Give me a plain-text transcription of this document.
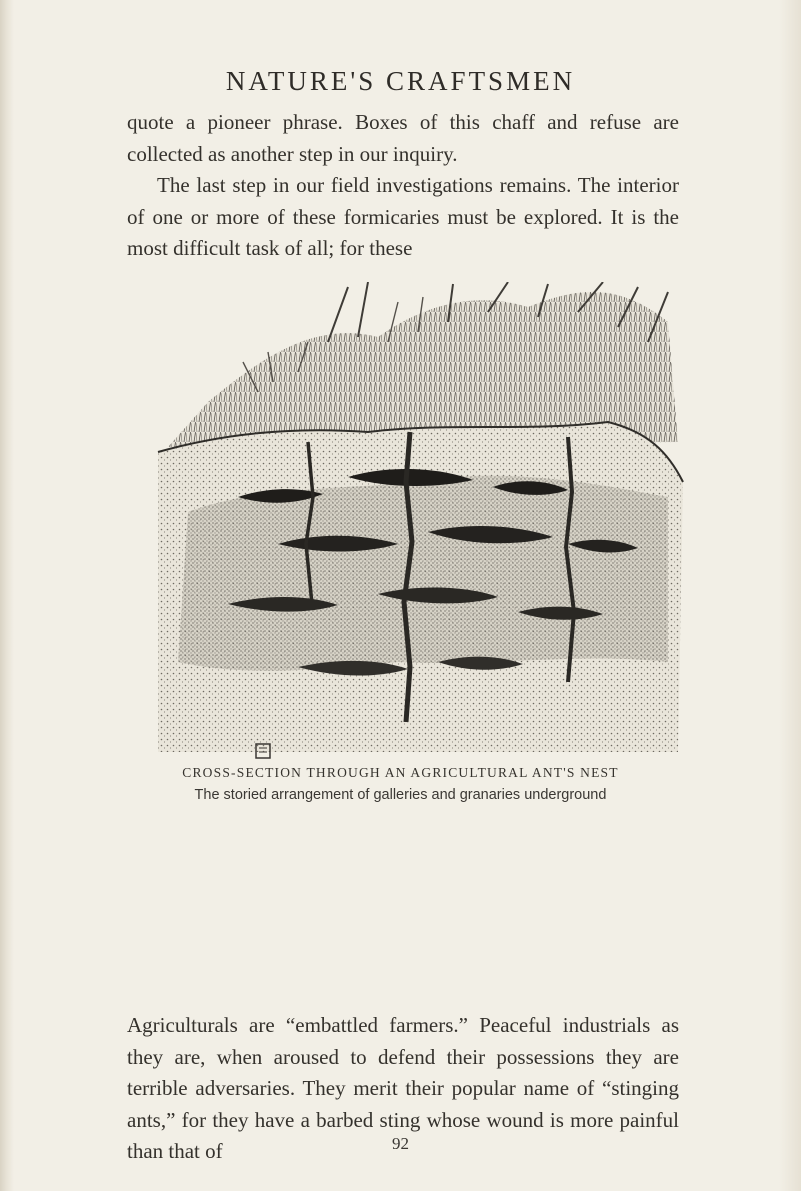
NATURE'S CRAFTSMEN

quote a pioneer phrase. Boxes of this chaff and refuse are collected as another step in our inquiry.

The last step in our field investigations remains. The interior of one or more of these formicaries must be explored. It is the most difficult task of all; for these

CROSS-SECTION THROUGH AN AGRICULTURAL ANT'S NEST
The storied arrangement of galleries and granaries underground

Agriculturals are “embattled farmers.” Peaceful industrials as they are, when aroused to defend their possessions they are terrible adversaries. They merit their popular name of “stinging ants,” for they have a barbed sting whose wound is more painful than that of	92
